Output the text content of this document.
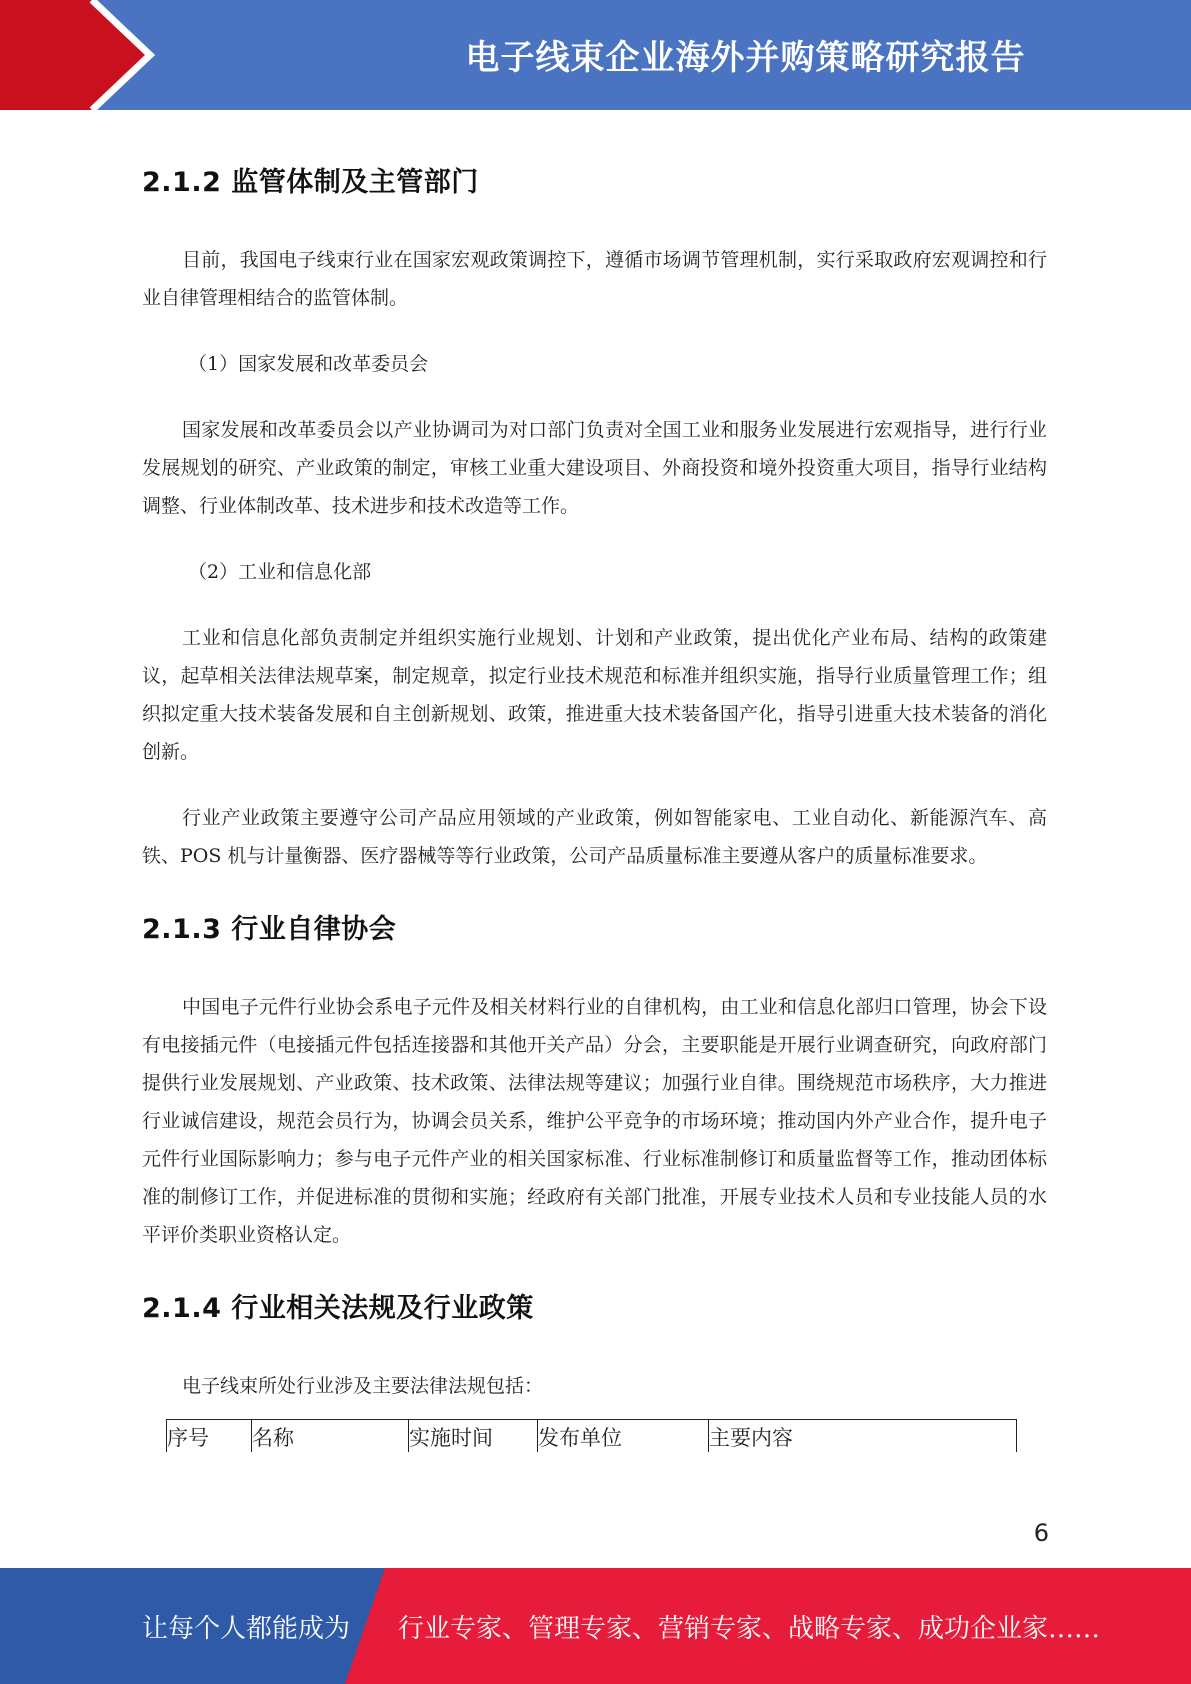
电子线束企业海外并购策略研究报告
2.1.2 监管体制及主管部门

目前，我国电子线束行业在国家宏观政策调控下，遵循市场调节管理机制，实行采取政府宏观调控和行业自律管理相结合的监管体制。

（1）国家发展和改革委员会

国家发展和改革委员会以产业协调司为对口部门负责对全国工业和服务业发展进行宏观指导，进行行业发展规划的研究、产业政策的制定，审核工业重大建设项目、外商投资和境外投资重大项目，指导行业结构调整、行业体制改革、技术进步和技术改造等工作。

（2）工业和信息化部

工业和信息化部负责制定并组织实施行业规划、计划和产业政策，提出优化产业布局、结构的政策建议，起草相关法律法规草案，制定规章，拟定行业技术规范和标准并组织实施，指导行业质量管理工作；组织拟定重大技术装备发展和自主创新规划、政策，推进重大技术装备国产化，指导引进重大技术装备的消化创新。

行业产业政策主要遵守公司产品应用领域的产业政策，例如智能家电、工业自动化、新能源汽车、高铁、POS 机与计量衡器、医疗器械等等行业政策，公司产品质量标准主要遵从客户的质量标准要求。

2.1.3 行业自律协会

中国电子元件行业协会系电子元件及相关材料行业的自律机构，由工业和信息化部归口管理，协会下设有电接插元件（电接插元件包括连接器和其他开关产品）分会，主要职能是开展行业调查研究，向政府部门提供行业发展规划、产业政策、技术政策、法律法规等建议；加强行业自律。围绕规范市场秩序，大力推进行业诚信建设，规范会员行为，协调会员关系，维护公平竞争的市场环境；推动国内外产业合作，提升电子元件行业国际影响力；参与电子元件产业的相关国家标准、行业标准制修订和质量监督等工作，推动团体标准的制修订工作，并促进标准的贯彻和实施；经政府有关部门批准，开展专业技术人员和专业技能人员的水平评价类职业资格认定。

2.1.4 行业相关法规及行业政策

电子线束所处行业涉及主要法律法规包括：

序号	名称	实施时间	发布单位	主要内容
6
让每个人都能成为 行业专家、管理专家、营销专家、战略专家、成功企业家……
